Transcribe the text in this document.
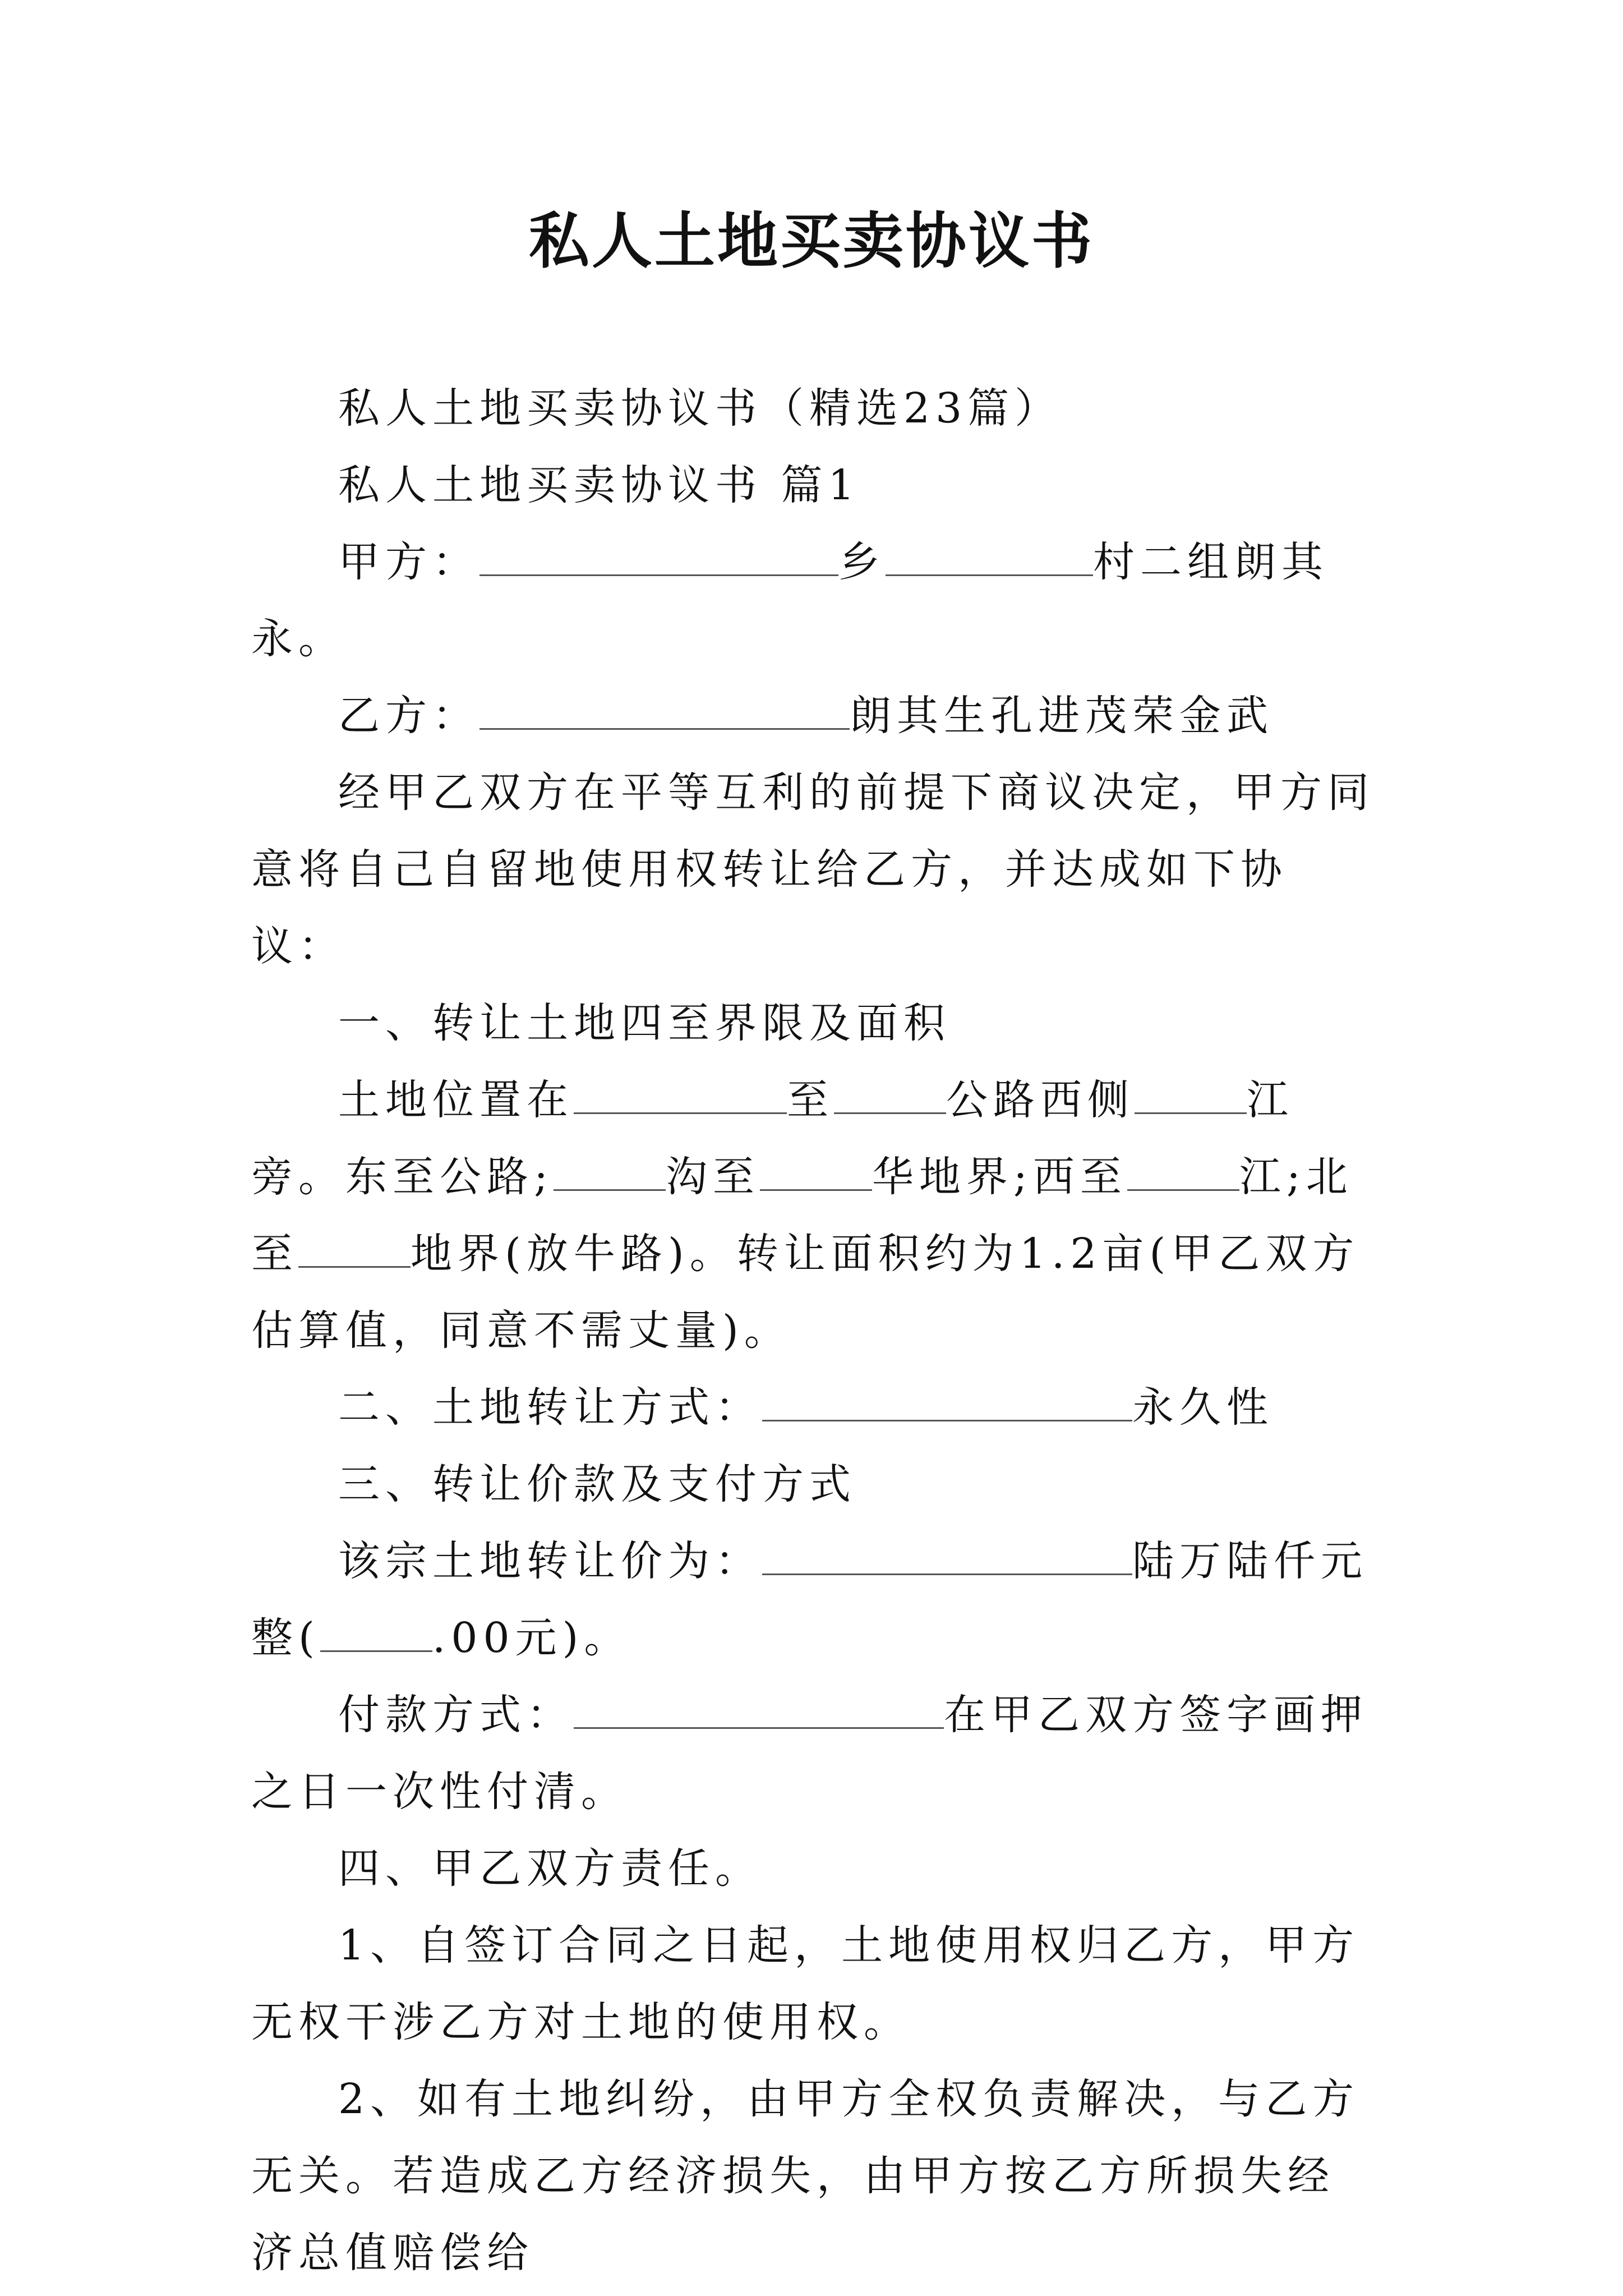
私人土地买卖协议书

私人土地买卖协议书（精选23篇）

私人土地买卖协议书 篇1

甲方：	乡	村二组朗其永。

乙方：	朗其生孔进茂荣金武

经甲乙双方在平等互利的前提下商议决定，甲方同意将自己自留地使用权转让给乙方，并达成如下协议：

一、转让土地四至界限及面积

土地位置在	至	公路西侧	江旁。东至公路;	沟至	华地界;西至	江;北至	地界(放牛路)。转让面积约为1.2亩(甲乙双方估算值，同意不需丈量)。

二、土地转让方式：	永久性

三、转让价款及支付方式

该宗土地转让价为：	陆万陆仟元整(	.00元)。

付款方式：	在甲乙双方签字画押之日一次性付清。

四、甲乙双方责任。

1、自签订合同之日起，土地使用权归乙方，甲方无权干涉乙方对土地的使用权。

2、如有土地纠纷，由甲方全权负责解决，与乙方无关。若造成乙方经济损失，由甲方按乙方所损失经济总值赔偿给
